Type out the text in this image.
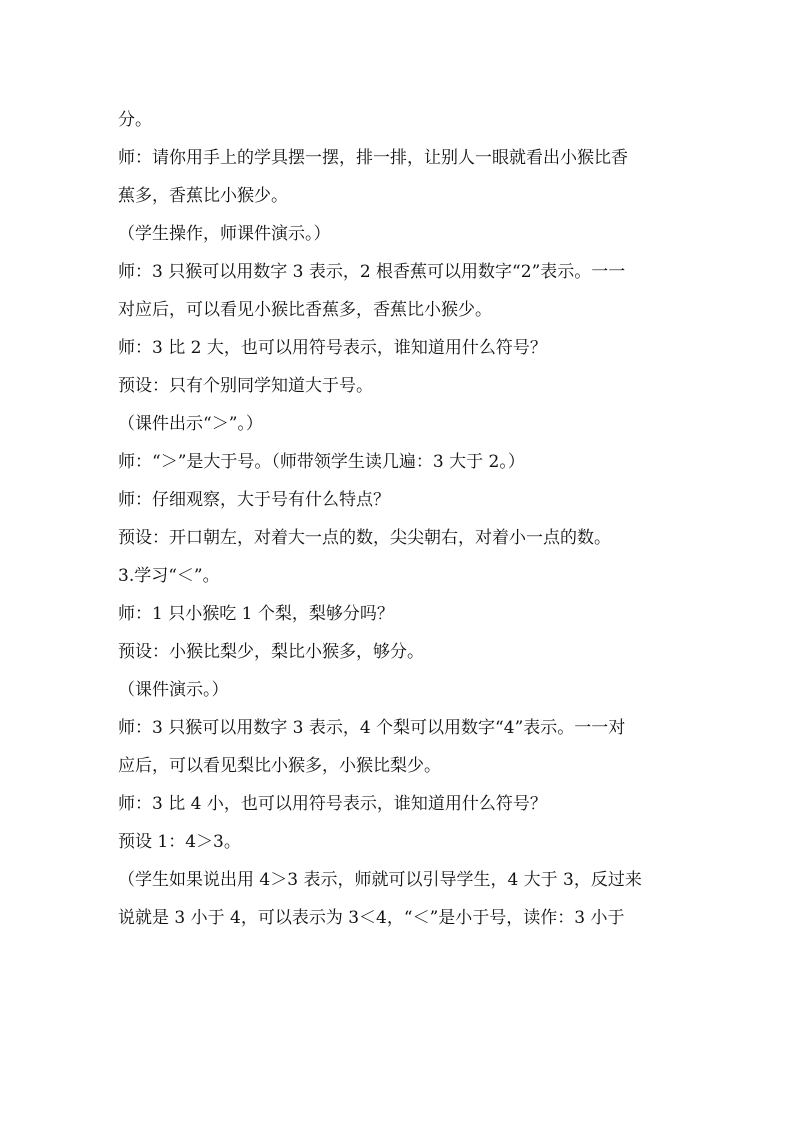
分。
师：请你用手上的学具摆一摆，排一排，让别人一眼就看出小猴比香
蕉多，香蕉比小猴少。
（学生操作，师课件演示。）
师：3 只猴可以用数字 3 表示，2 根香蕉可以用数字“2”表示。一一
对应后，可以看见小猴比香蕉多，香蕉比小猴少。
师：3 比 2 大，也可以用符号表示，谁知道用什么符号？
预设：只有个别同学知道大于号。
（课件出示“＞”。）
师：“＞”是大于号。（师带领学生读几遍：3 大于 2。）
师：仔细观察，大于号有什么特点？
预设：开口朝左，对着大一点的数，尖尖朝右，对着小一点的数。
3.学习“＜”。
师：1 只小猴吃 1 个梨，梨够分吗？
预设：小猴比梨少，梨比小猴多，够分。
（课件演示。）
师：3 只猴可以用数字 3 表示，4 个梨可以用数字“4”表示。一一对
应后，可以看见梨比小猴多，小猴比梨少。
师：3 比 4 小，也可以用符号表示，谁知道用什么符号？
预设 1：4＞3。
（学生如果说出用 4＞3 表示，师就可以引导学生，4 大于 3，反过来
说就是 3 小于 4，可以表示为 3＜4，“＜”是小于号，读作：3 小于
